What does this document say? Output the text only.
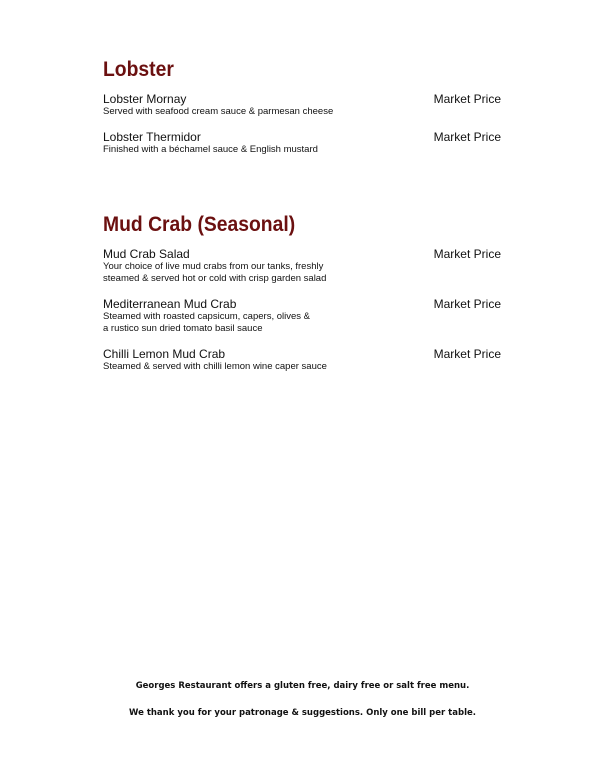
Lobster
Lobster Mornay	Market Price
Served with seafood cream sauce & parmesan cheese
Lobster Thermidor	Market Price
Finished with a béchamel sauce & English mustard
Mud Crab (Seasonal)
Mud Crab Salad	Market Price
Your choice of live mud crabs from our tanks, freshly
steamed & served hot or cold with crisp garden salad
Mediterranean Mud Crab	Market Price
Steamed with roasted capsicum, capers, olives &
a rustico sun dried tomato basil sauce
Chilli Lemon Mud Crab	Market Price
Steamed & served with chilli lemon wine caper sauce
Georges Restaurant offers a gluten free, dairy free or salt free menu.
We thank you for your patronage & suggestions. Only one bill per table.
